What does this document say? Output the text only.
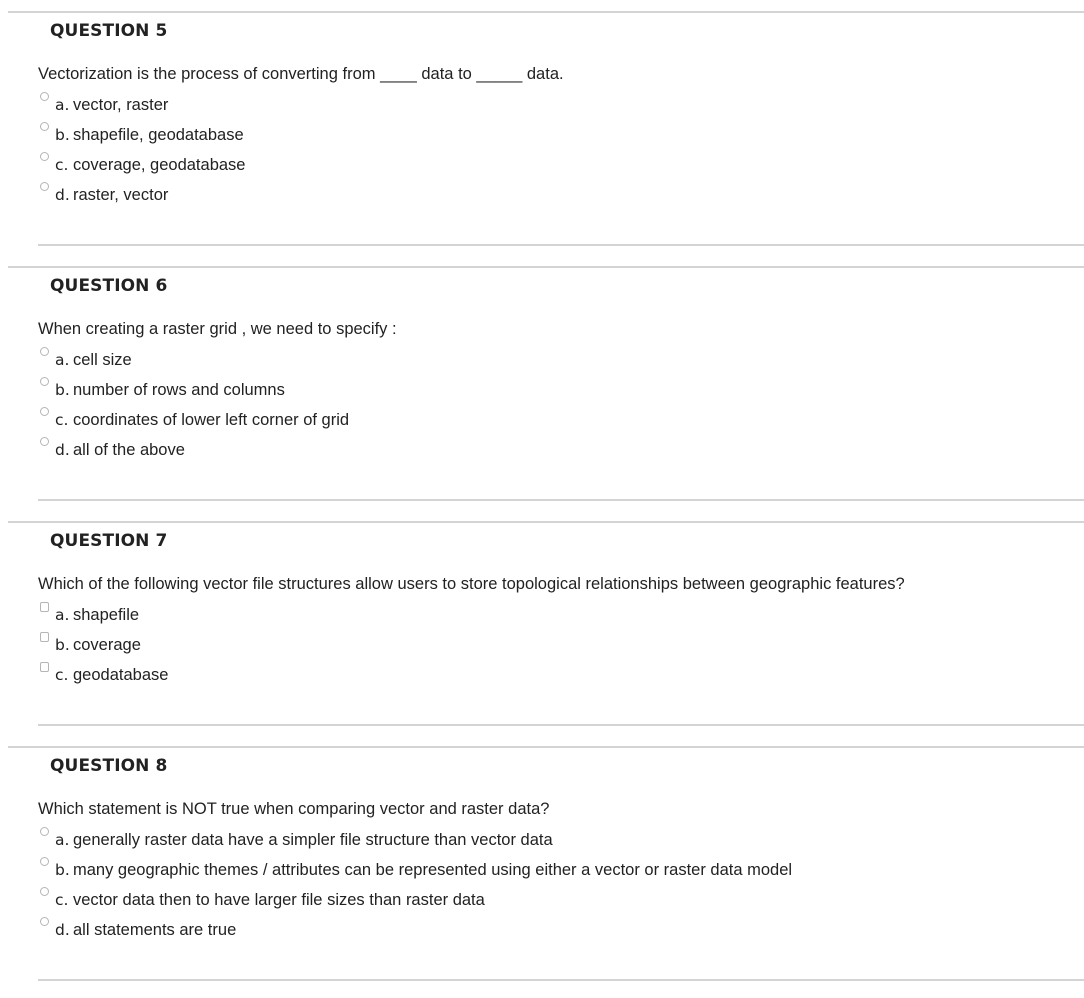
QUESTION 5
Vectorization is the process of converting from ____ data to _____ data.
a. vector, raster
b. shapefile, geodatabase
c. coverage, geodatabase
d. raster, vector
QUESTION 6
When creating a raster grid , we need to specify :
a. cell size
b. number of rows and columns
c. coordinates of lower left corner of grid
d. all of the above
QUESTION 7
Which of the following vector file structures allow users to store topological relationships between geographic features?
a. shapefile
b. coverage
c. geodatabase
QUESTION 8
Which statement is NOT true when comparing vector and raster data?
a. generally raster data have a simpler file structure than vector data
b. many geographic themes / attributes can be represented using either a vector or raster data model
c. vector data then to have larger file sizes than raster data
d. all statements are true
